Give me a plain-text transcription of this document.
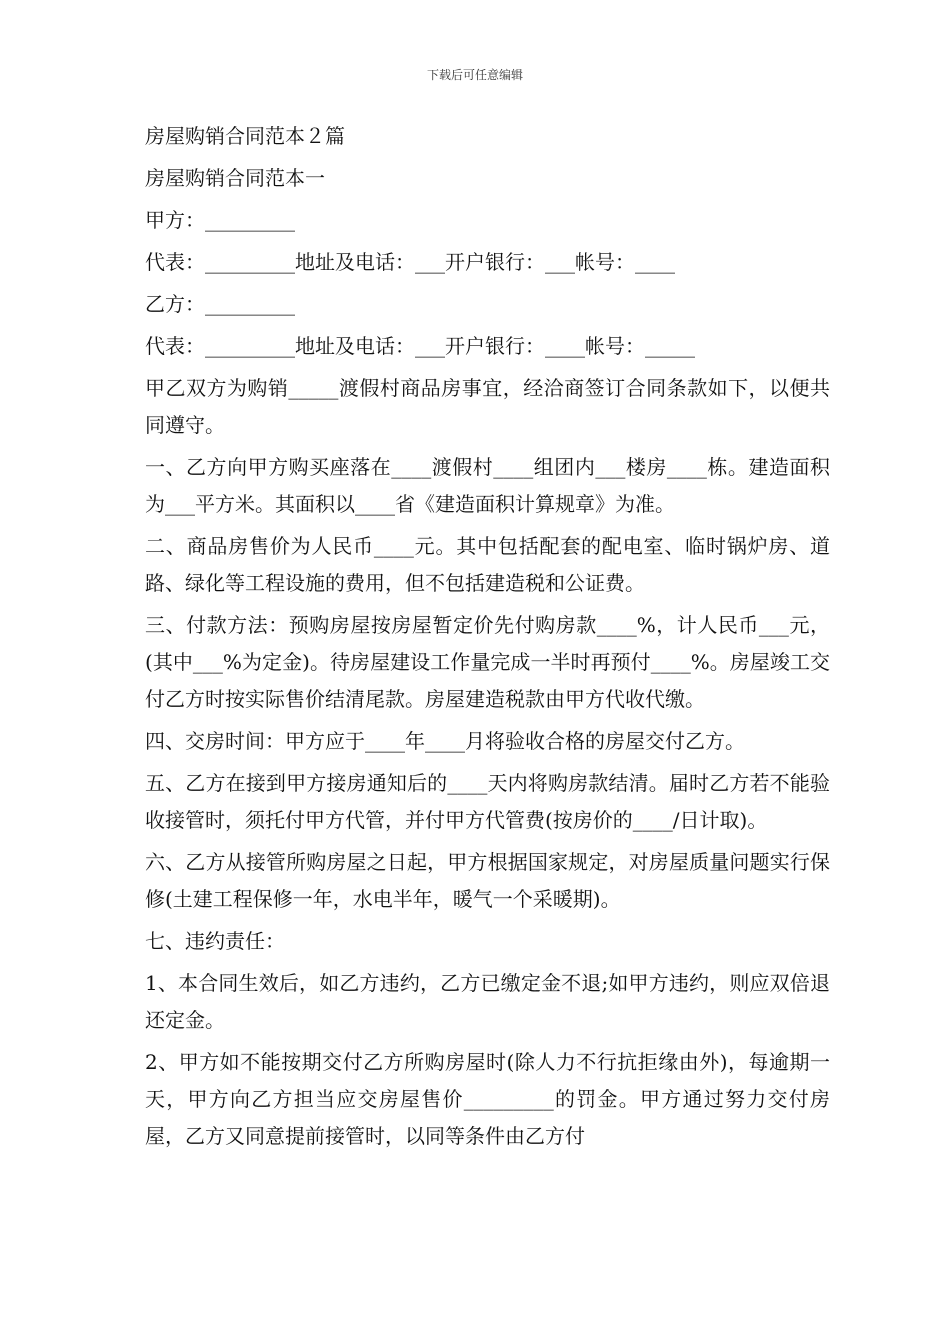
下载后可任意编辑

房屋购销合同范本２篇

房屋购销合同范本一

甲方：_________

代表：_________地址及电话：___开户银行：___帐号：____

乙方：_________

代表：_________地址及电话：___开户银行：____帐号：_____

甲乙双方为购销_____渡假村商品房事宜，经洽商签订合同条款如下，以便共同遵守。

一、乙方向甲方购买座落在____渡假村____组团内___楼房____栋。建造面积为___平方米。其面积以____省《建造面积计算规章》为准。

二、商品房售价为人民币____元。其中包括配套的配电室、临时锅炉房、道路、绿化等工程设施的费用，但不包括建造税和公证费。

三、付款方法：预购房屋按房屋暂定价先付购房款____%，计人民币___元，(其中___%为定金)。待房屋建设工作量完成一半时再预付____%。房屋竣工交付乙方时按实际售价结清尾款。房屋建造税款由甲方代收代缴。

四、交房时间：甲方应于____年____月将验收合格的房屋交付乙方。

五、乙方在接到甲方接房通知后的____天内将购房款结清。届时乙方若不能验收接管时，须托付甲方代管，并付甲方代管费(按房价的____/日计取)。

六、乙方从接管所购房屋之日起，甲方根据国家规定，对房屋质量问题实行保修(土建工程保修一年，水电半年，暖气一个采暖期)。

七、违约责任：

1、本合同生效后，如乙方违约，乙方已缴定金不退;如甲方违约，则应双倍退还定金。

2、甲方如不能按期交付乙方所购房屋时(除人力不行抗拒缘由外)，每逾期一天，甲方向乙方担当应交房屋售价_________的罚金。甲方通过努力交付房屋，乙方又同意提前接管时，以同等条件由乙方付
